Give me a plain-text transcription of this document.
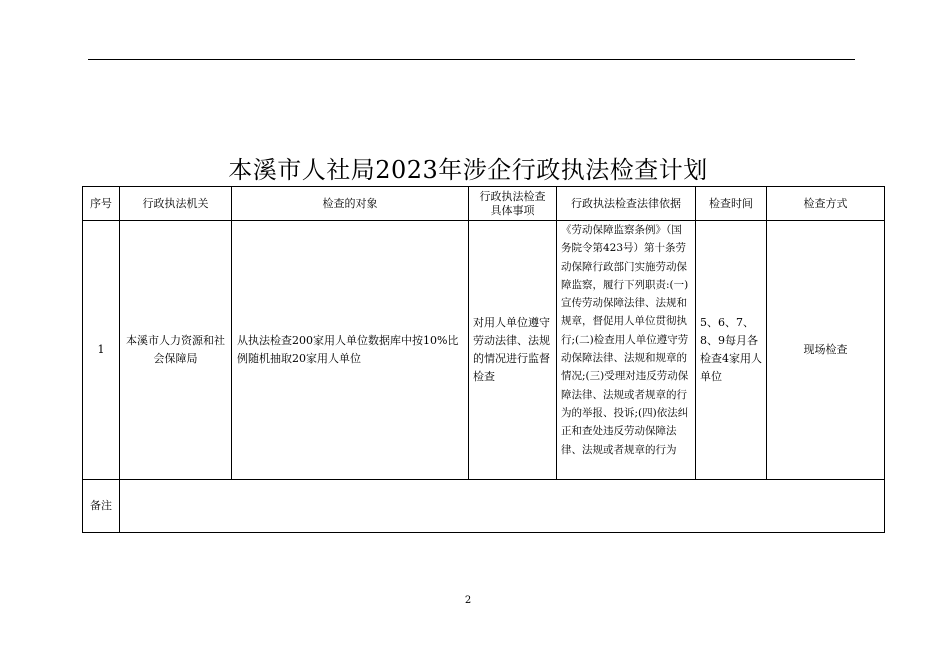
本溪市人社局2023年涉企行政执法检查计划
序号	行政执法机关	检查的对象	行政执法检查具体事项	行政执法检查法律依据	检查时间	检查方式
1	本溪市人力资源和社会保障局	从执法检查200家用人单位数据库中按10%比例随机抽取20家用人单位	对用人单位遵守劳动法律、法规的情况进行监督检查	《劳动保障监察条例》（国务院令第423号）第十条劳动保障行政部门实施劳动保障监察，履行下列职责:(一)宣传劳动保障法律、法规和规章，督促用人单位贯彻执行;(二)检查用人单位遵守劳动保障法律、法规和规章的情况;(三)受理对违反劳动保障法律、法规或者规章的行为的举报、投诉;(四)依法纠正和查处违反劳动保障法律、法规或者规章的行为	5、6、7、8、9每月各检查4家用人单位	现场检查
备注						
2
